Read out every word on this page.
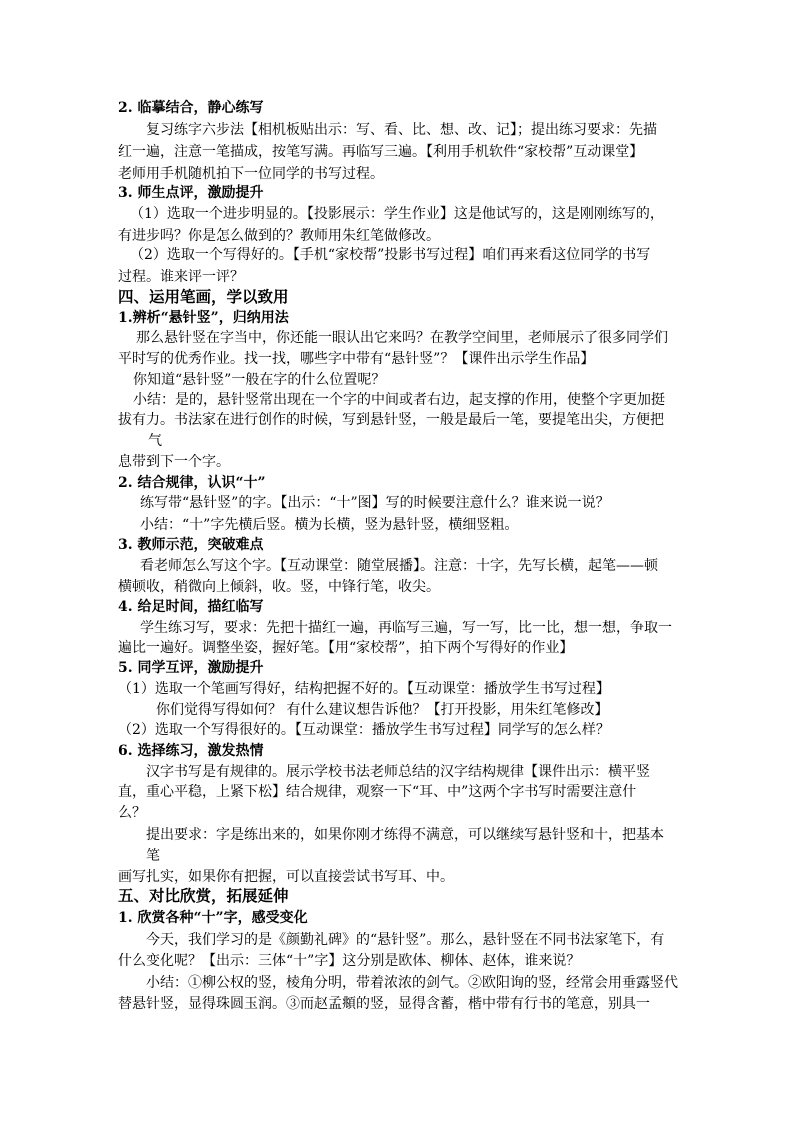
2. 临摹结合，静心练写
复习练字六步法【相机板贴出示：写、看、比、想、改、记】；提出练习要求：先描
红一遍，注意一笔描成，按笔写满。再临写三遍。【利用手机软件“家校帮”互动课堂】
老师用手机随机拍下一位同学的书写过程。
3. 师生点评，激励提升
（1）选取一个进步明显的。【投影展示：学生作业】这是他试写的，这是刚刚练写的，
有进步吗？你是怎么做到的？教师用朱红笔做修改。
（2）选取一个写得好的。【手机“家校帮”投影书写过程】咱们再来看这位同学的书写
过程。谁来评一评？
四、运用笔画，学以致用
1.辨析“悬针竖”，归纳用法
那么悬针竖在字当中，你还能一眼认出它来吗？在教学空间里，老师展示了很多同学们
平时写的优秀作业。找一找，哪些字中带有“悬针竖”？【课件出示学生作品】
你知道“悬针竖”一般在字的什么位置呢？
小结：是的，悬针竖常出现在一个字的中间或者右边，起支撑的作用，使整个字更加挺
拔有力。书法家在进行创作的时候，写到悬针竖，一般是最后一笔，要提笔出尖，方便把
气
息带到下一个字。
2. 结合规律，认识“十”
练写带“悬针竖”的字。【出示：“十”图】写的时候要注意什么？谁来说一说？
小结：“十”字先横后竖。横为长横，竖为悬针竖，横细竖粗。
3. 教师示范，突破难点
看老师怎么写这个字。【互动课堂：随堂展播】。注意：十字，先写长横，起笔——顿
横顿收，稍微向上倾斜，收。竖，中锋行笔，收尖。
4. 给足时间，描红临写
学生练习写，要求：先把十描红一遍，再临写三遍，写一写，比一比，想一想，争取一
遍比一遍好。调整坐姿，握好笔。【用“家校帮”，拍下两个写得好的作业】
5. 同学互评，激励提升
（1）选取一个笔画写得好，结构把握不好的。【互动课堂：播放学生书写过程】
你们觉得写得如何？ 有什么建议想告诉他？【打开投影，用朱红笔修改】
（2）选取一个写得很好的。【互动课堂：播放学生书写过程】同学写的怎么样？
6. 选择练习，激发热情
汉字书写是有规律的。展示学校书法老师总结的汉字结构规律【课件出示：横平竖
直，重心平稳，上紧下松】结合规律，观察一下“耳、中”这两个字书写时需要注意什
么？
提出要求：字是练出来的，如果你刚才练得不满意，可以继续写悬针竖和十，把基本
笔
画写扎实，如果你有把握，可以直接尝试书写耳、中。
五、对比欣赏，拓展延伸
1. 欣赏各种“十”字，感受变化
今天，我们学习的是《颜勤礼碑》的“悬针竖”。那么，悬针竖在不同书法家笔下，有
什么变化呢？【出示：三体“十”字】这分别是欧体、柳体、赵体，谁来说？
小结：①柳公权的竖，棱角分明，带着浓浓的剑气。②欧阳询的竖，经常会用垂露竖代
替悬针竖，显得珠圆玉润。③而赵孟頫的竖，显得含蓄，楷中带有行书的笔意，别具一
